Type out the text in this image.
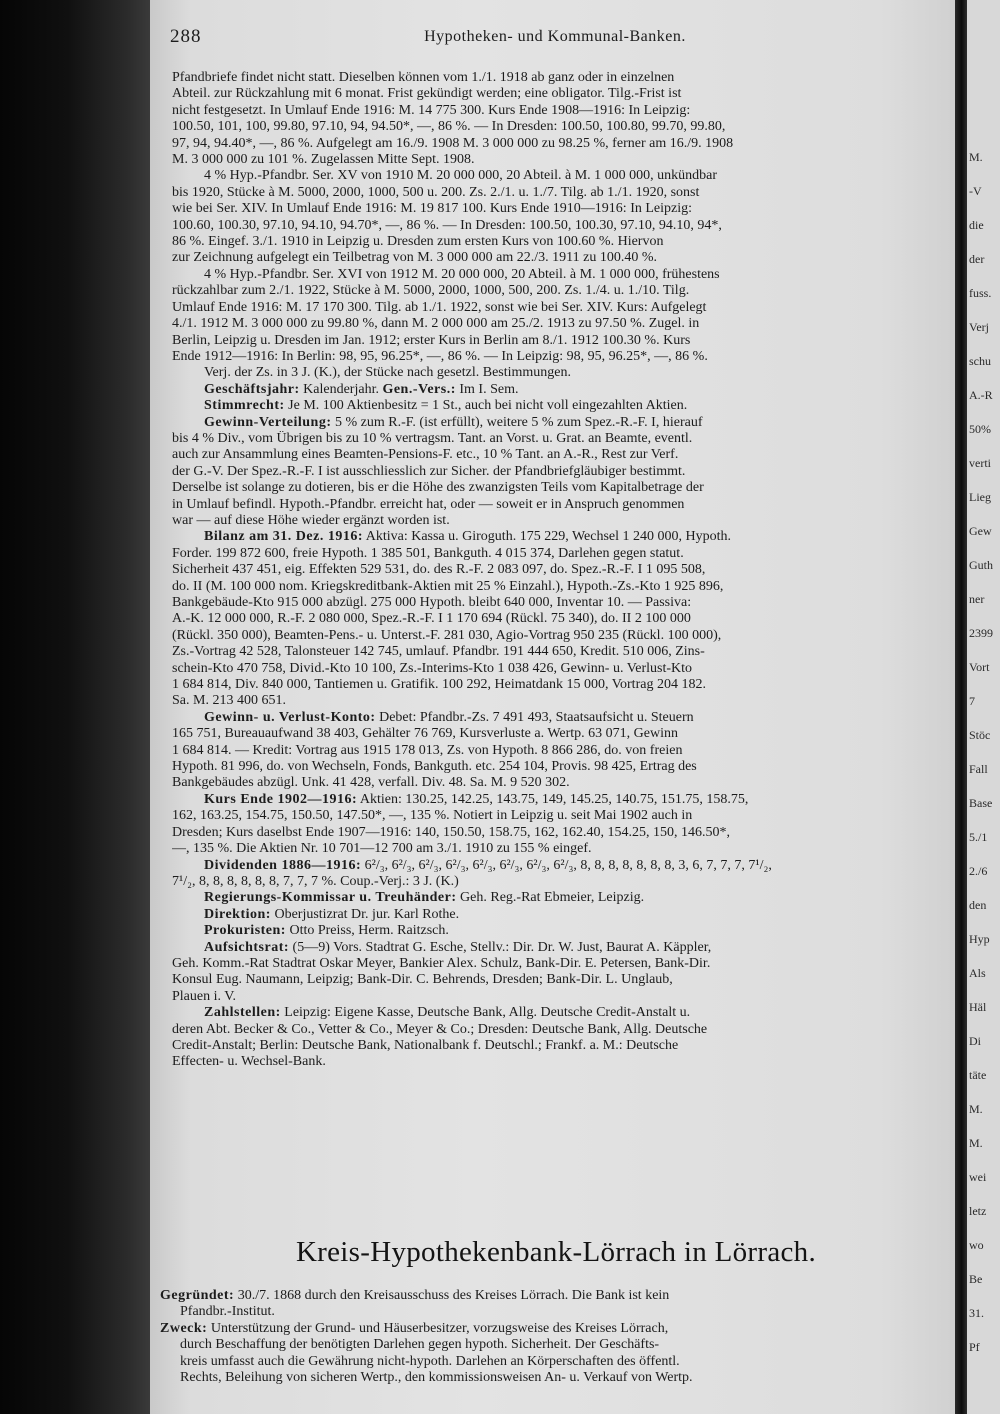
288	Hypotheken- und Kommunal-Banken.

Pfandbriefe findet nicht statt. Dieselben können vom 1./1. 1918 ab ganz oder in einzelnen

Abteil. zur Rückzahlung mit 6 monat. Frist gekündigt werden; eine obligator. Tilg.-Frist ist

nicht festgesetzt. In Umlauf Ende 1916: M. 14 775 300. Kurs Ende 1908—1916: In Leipzig:

100.50, 101, 100, 99.80, 97.10, 94, 94.50*, —, 86 %. — In Dresden: 100.50, 100.80, 99.70, 99.80,

97, 94, 94.40*, —, 86 %. Aufgelegt am 16./9. 1908 M. 3 000 000 zu 98.25 %, ferner am 16./9. 1908

M. 3 000 000 zu 101 %. Zugelassen Mitte Sept. 1908.

4 % Hyp.-Pfandbr. Ser. XV von 1910 M. 20 000 000, 20 Abteil. à M. 1 000 000, unkündbar

bis 1920, Stücke à M. 5000, 2000, 1000, 500 u. 200. Zs. 2./1. u. 1./7. Tilg. ab 1./1. 1920, sonst

wie bei Ser. XIV. In Umlauf Ende 1916: M. 19 817 100. Kurs Ende 1910—1916: In Leipzig:

100.60, 100.30, 97.10, 94.10, 94.70*, —, 86 %. — In Dresden: 100.50, 100.30, 97.10, 94.10, 94*,

86 %. Eingef. 3./1. 1910 in Leipzig u. Dresden zum ersten Kurs von 100.60 %. Hiervon

zur Zeichnung aufgelegt ein Teilbetrag von M. 3 000 000 am 22./3. 1911 zu 100.40 %.

4 % Hyp.-Pfandbr. Ser. XVI von 1912 M. 20 000 000, 20 Abteil. à M. 1 000 000, frühestens

rückzahlbar zum 2./1. 1922, Stücke à M. 5000, 2000, 1000, 500, 200. Zs. 1./4. u. 1./10. Tilg.

Umlauf Ende 1916: M. 17 170 300. Tilg. ab 1./1. 1922, sonst wie bei Ser. XIV. Kurs: Aufgelegt

4./1. 1912 M. 3 000 000 zu 99.80 %, dann M. 2 000 000 am 25./2. 1913 zu 97.50 %. Zugel. in

Berlin, Leipzig u. Dresden im Jan. 1912; erster Kurs in Berlin am 8./1. 1912 100.30 %. Kurs

Ende 1912—1916: In Berlin: 98, 95, 96.25*, —, 86 %. — In Leipzig: 98, 95, 96.25*, —, 86 %.

Verj. der Zs. in 3 J. (K.), der Stücke nach gesetzl. Bestimmungen.

Geschäftsjahr: Kalenderjahr. Gen.-Vers.: Im I. Sem.

Stimmrecht: Je M. 100 Aktienbesitz = 1 St., auch bei nicht voll eingezahlten Aktien.

Gewinn-Verteilung: 5 % zum R.-F. (ist erfüllt), weitere 5 % zum Spez.-R.-F. I, hierauf

bis 4 % Div., vom Übrigen bis zu 10 % vertragsm. Tant. an Vorst. u. Grat. an Beamte, eventl.

auch zur Ansammlung eines Beamten-Pensions-F. etc., 10 % Tant. an A.-R., Rest zur Verf.

der G.-V. Der Spez.-R.-F. I ist ausschliesslich zur Sicher. der Pfandbriefgläubiger bestimmt.

Derselbe ist solange zu dotieren, bis er die Höhe des zwanzigsten Teils vom Kapitalbetrage der

in Umlauf befindl. Hypoth.-Pfandbr. erreicht hat, oder — soweit er in Anspruch genommen

war — auf diese Höhe wieder ergänzt worden ist.

Bilanz am 31. Dez. 1916: Aktiva: Kassa u. Giroguth. 175 229, Wechsel 1 240 000, Hypoth.

Forder. 199 872 600, freie Hypoth. 1 385 501, Bankguth. 4 015 374, Darlehen gegen statut.

Sicherheit 437 451, eig. Effekten 529 531, do. des R.-F. 2 083 097, do. Spez.-R.-F. I 1 095 508,

do. II (M. 100 000 nom. Kriegskreditbank-Aktien mit 25 % Einzahl.), Hypoth.-Zs.-Kto 1 925 896,

Bankgebäude-Kto 915 000 abzügl. 275 000 Hypoth. bleibt 640 000, Inventar 10. — Passiva:

A.-K. 12 000 000, R.-F. 2 080 000, Spez.-R.-F. I 1 170 694 (Rückl. 75 340), do. II 2 100 000

(Rückl. 350 000), Beamten-Pens.- u. Unterst.-F. 281 030, Agio-Vortrag 950 235 (Rückl. 100 000),

Zs.-Vortrag 42 528, Talonsteuer 142 745, umlauf. Pfandbr. 191 444 650, Kredit. 510 006, Zins-

schein-Kto 470 758, Divid.-Kto 10 100, Zs.-Interims-Kto 1 038 426, Gewinn- u. Verlust-Kto

1 684 814, Div. 840 000, Tantiemen u. Gratifik. 100 292, Heimatdank 15 000, Vortrag 204 182.

Sa. M. 213 400 651.

Gewinn- u. Verlust-Konto: Debet: Pfandbr.-Zs. 7 491 493, Staatsaufsicht u. Steuern

165 751, Bureauaufwand 38 403, Gehälter 76 769, Kursverluste a. Wertp. 63 071, Gewinn

1 684 814. — Kredit: Vortrag aus 1915 178 013, Zs. von Hypoth. 8 866 286, do. von freien

Hypoth. 81 996, do. von Wechseln, Fonds, Bankguth. etc. 254 104, Provis. 98 425, Ertrag des

Bankgebäudes abzügl. Unk. 41 428, verfall. Div. 48. Sa. M. 9 520 302.

Kurs Ende 1902—1916: Aktien: 130.25, 142.25, 143.75, 149, 145.25, 140.75, 151.75, 158.75,

162, 163.25, 154.75, 150.50, 147.50*, —, 135 %. Notiert in Leipzig u. seit Mai 1902 auch in

Dresden; Kurs daselbst Ende 1907—1916: 140, 150.50, 158.75, 162, 162.40, 154.25, 150, 146.50*,

—, 135 %. Die Aktien Nr. 10 701—12 700 am 3./1. 1910 zu 155 % eingef.

Dividenden 1886—1916: 6²/₃, 6²/₃, 6²/₃, 6²/₃, 6²/₃, 6²/₃, 6²/₃, 6²/₃, 8, 8, 8, 8, 8, 8, 8, 3, 6, 7, 7, 7, 7¹/₂,

7¹/₂, 8, 8, 8, 8, 8, 8, 7, 7, 7 %. Coup.-Verj.: 3 J. (K.)

Regierungs-Kommissar u. Treuhänder: Geh. Reg.-Rat Ebmeier, Leipzig.

Direktion: Oberjustizrat Dr. jur. Karl Rothe.

Prokuristen: Otto Preiss, Herm. Raitzsch.

Aufsichtsrat: (5—9) Vors. Stadtrat G. Esche, Stellv.: Dir. Dr. W. Just, Baurat A. Käppler,

Geh. Komm.-Rat Stadtrat Oskar Meyer, Bankier Alex. Schulz, Bank-Dir. E. Petersen, Bank-Dir.

Konsul Eug. Naumann, Leipzig; Bank-Dir. C. Behrends, Dresden; Bank-Dir. L. Unglaub,

Plauen i. V.

Zahlstellen: Leipzig: Eigene Kasse, Deutsche Bank, Allg. Deutsche Credit-Anstalt u.

deren Abt. Becker & Co., Vetter & Co., Meyer & Co.; Dresden: Deutsche Bank, Allg. Deutsche

Credit-Anstalt; Berlin: Deutsche Bank, Nationalbank f. Deutschl.; Frankf. a. M.: Deutsche

Effecten- u. Wechsel-Bank.

Kreis-Hypothekenbank-Lörrach in Lörrach.

Gegründet: 30./7. 1868 durch den Kreisausschuss des Kreises Lörrach. Die Bank ist kein

Pfandbr.-Institut.

Zweck: Unterstützung der Grund- und Häuserbesitzer, vorzugsweise des Kreises Lörrach,

durch Beschaffung der benötigten Darlehen gegen hypoth. Sicherheit. Der Geschäfts-

kreis umfasst auch die Gewährung nicht-hypoth. Darlehen an Körperschaften des öffentl.

Rechts, Beleihung von sicheren Wertp., den kommissionsweisen An- u. Verkauf von Wertp.

M.
-V
die
der
fuss.
Verj
schu
A.-R
50%
verti
Lieg
Gew
Guth
ner
2399
Vort
7
Stöc
Fall
Base
5./1
2./6
den
Hyp
Als
Häl
Di
täte
M.
M.
wei
letz
wo
Be
31.
Pf
